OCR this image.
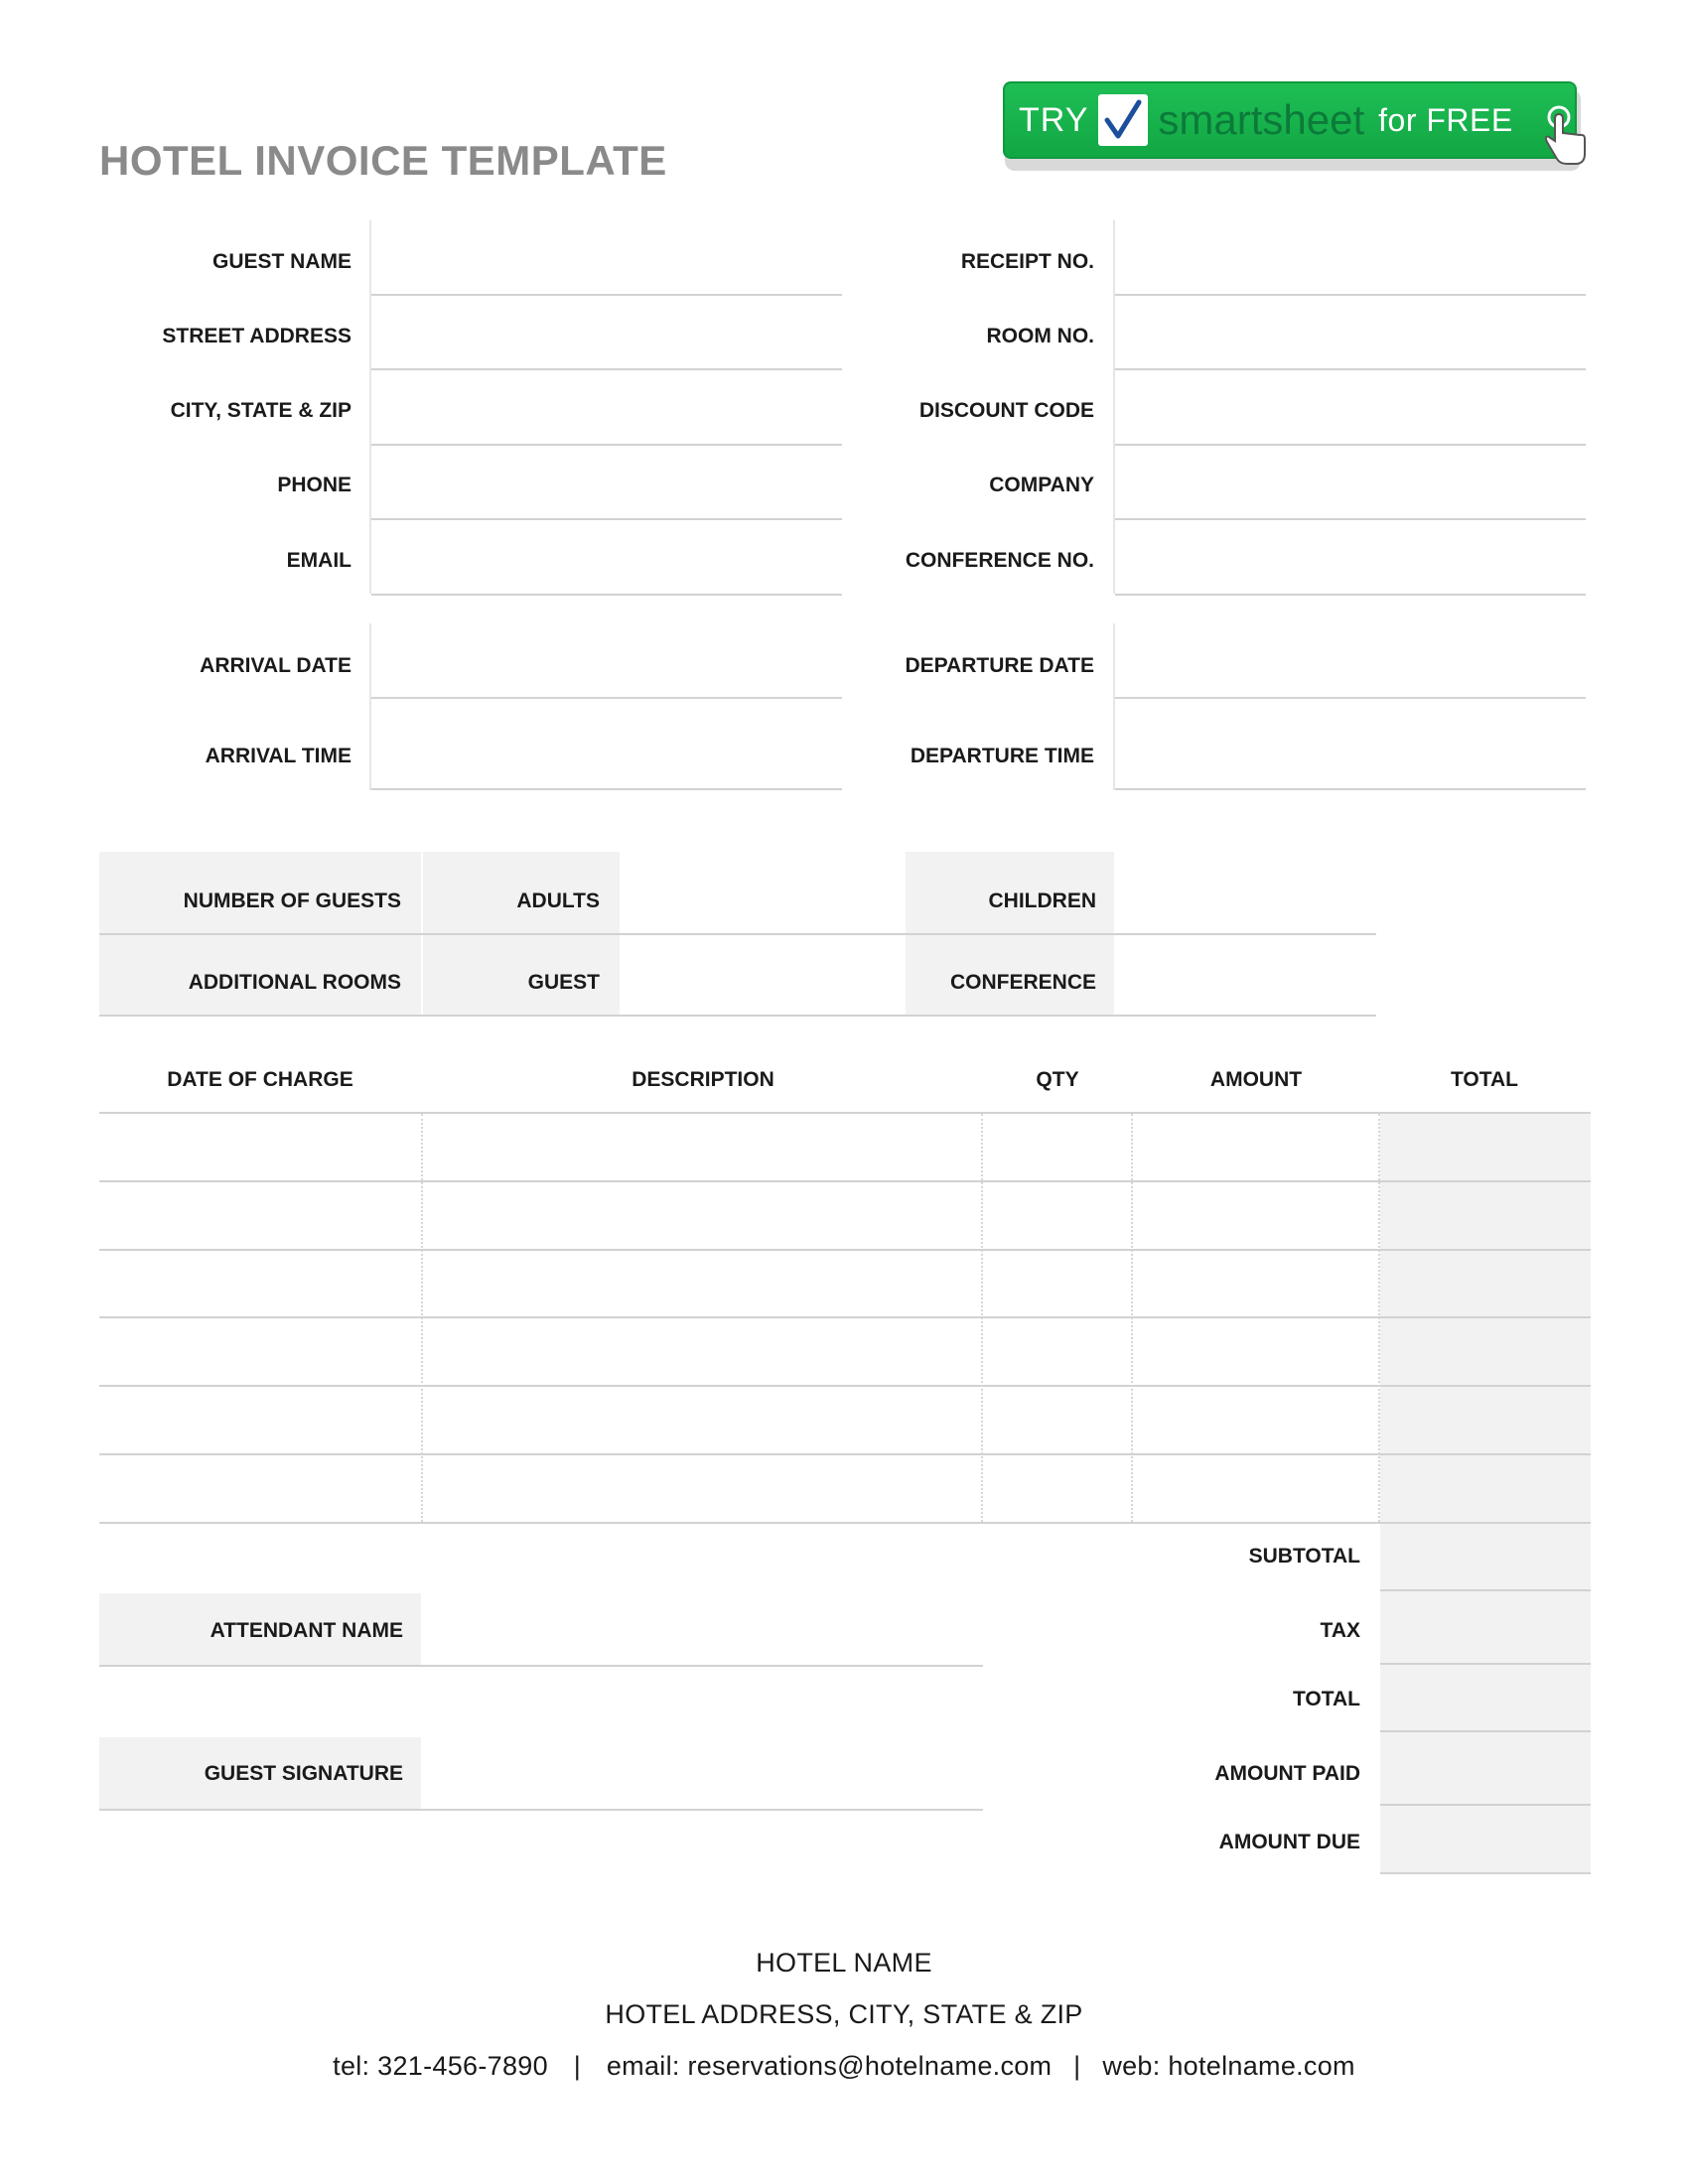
HOTEL INVOICE TEMPLATE
TRY smartsheet for FREE
GUEST NAME
STREET ADDRESS
CITY, STATE & ZIP
PHONE
EMAIL
ARRIVAL DATE
ARRIVAL TIME
RECEIPT NO.
ROOM NO.
DISCOUNT CODE
COMPANY
CONFERENCE NO.
DEPARTURE DATE
DEPARTURE TIME
NUMBER OF GUESTS	ADULTS	CHILDREN
ADDITIONAL ROOMS	GUEST	CONFERENCE
DATE OF CHARGE	DESCRIPTION	QTY	AMOUNT	TOTAL
SUBTOTAL
TAX
TOTAL
AMOUNT PAID
AMOUNT DUE
ATTENDANT NAME
GUEST SIGNATURE
HOTEL NAME
HOTEL ADDRESS, CITY, STATE & ZIP
tel: 321-456-7890 | email: reservations@hotelname.com | web: hotelname.com
